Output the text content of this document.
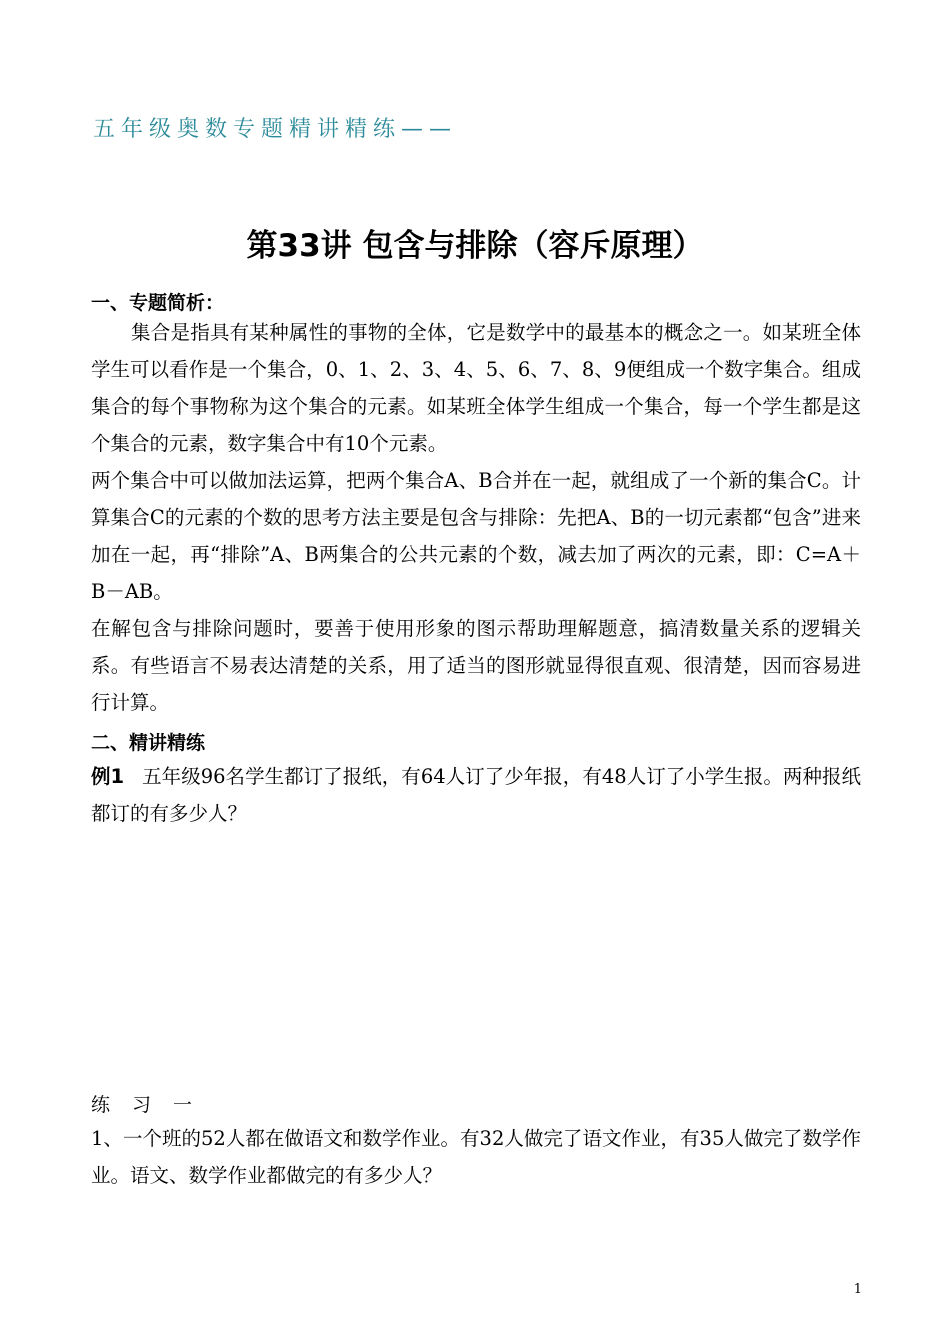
五年级奥数专题精讲精练——
第33讲 包含与排除（容斥原理）
一、专题简析：

集合是指具有某种属性的事物的全体，它是数学中的最基本的概念之一。如某班全体学生可以看作是一个集合，0、1、2、3、4、5、6、7、8、9便组成一个数字集合。组成集合的每个事物称为这个集合的元素。如某班全体学生组成一个集合，每一个学生都是这个集合的元素，数字集合中有10个元素。

两个集合中可以做加法运算，把两个集合A、B合并在一起，就组成了一个新的集合C。计算集合C的元素的个数的思考方法主要是包含与排除：先把A、B的一切元素都“包含”进来加在一起，再“排除”A、B两集合的公共元素的个数，减去加了两次的元素，即：C=A＋B－AB。

在解包含与排除问题时，要善于使用形象的图示帮助理解题意，搞清数量关系的逻辑关系。有些语言不易表达清楚的关系，用了适当的图形就显得很直观、很清楚，因而容易进行计算。

二、精讲精练

例1 五年级96名学生都订了报纸，有64人订了少年报，有48人订了小学生报。两种报纸都订的有多少人？

练习一

1、一个班的52人都在做语文和数学作业。有32人做完了语文作业，有35人做完了数学作业。语文、数学作业都做完的有多少人？

1
